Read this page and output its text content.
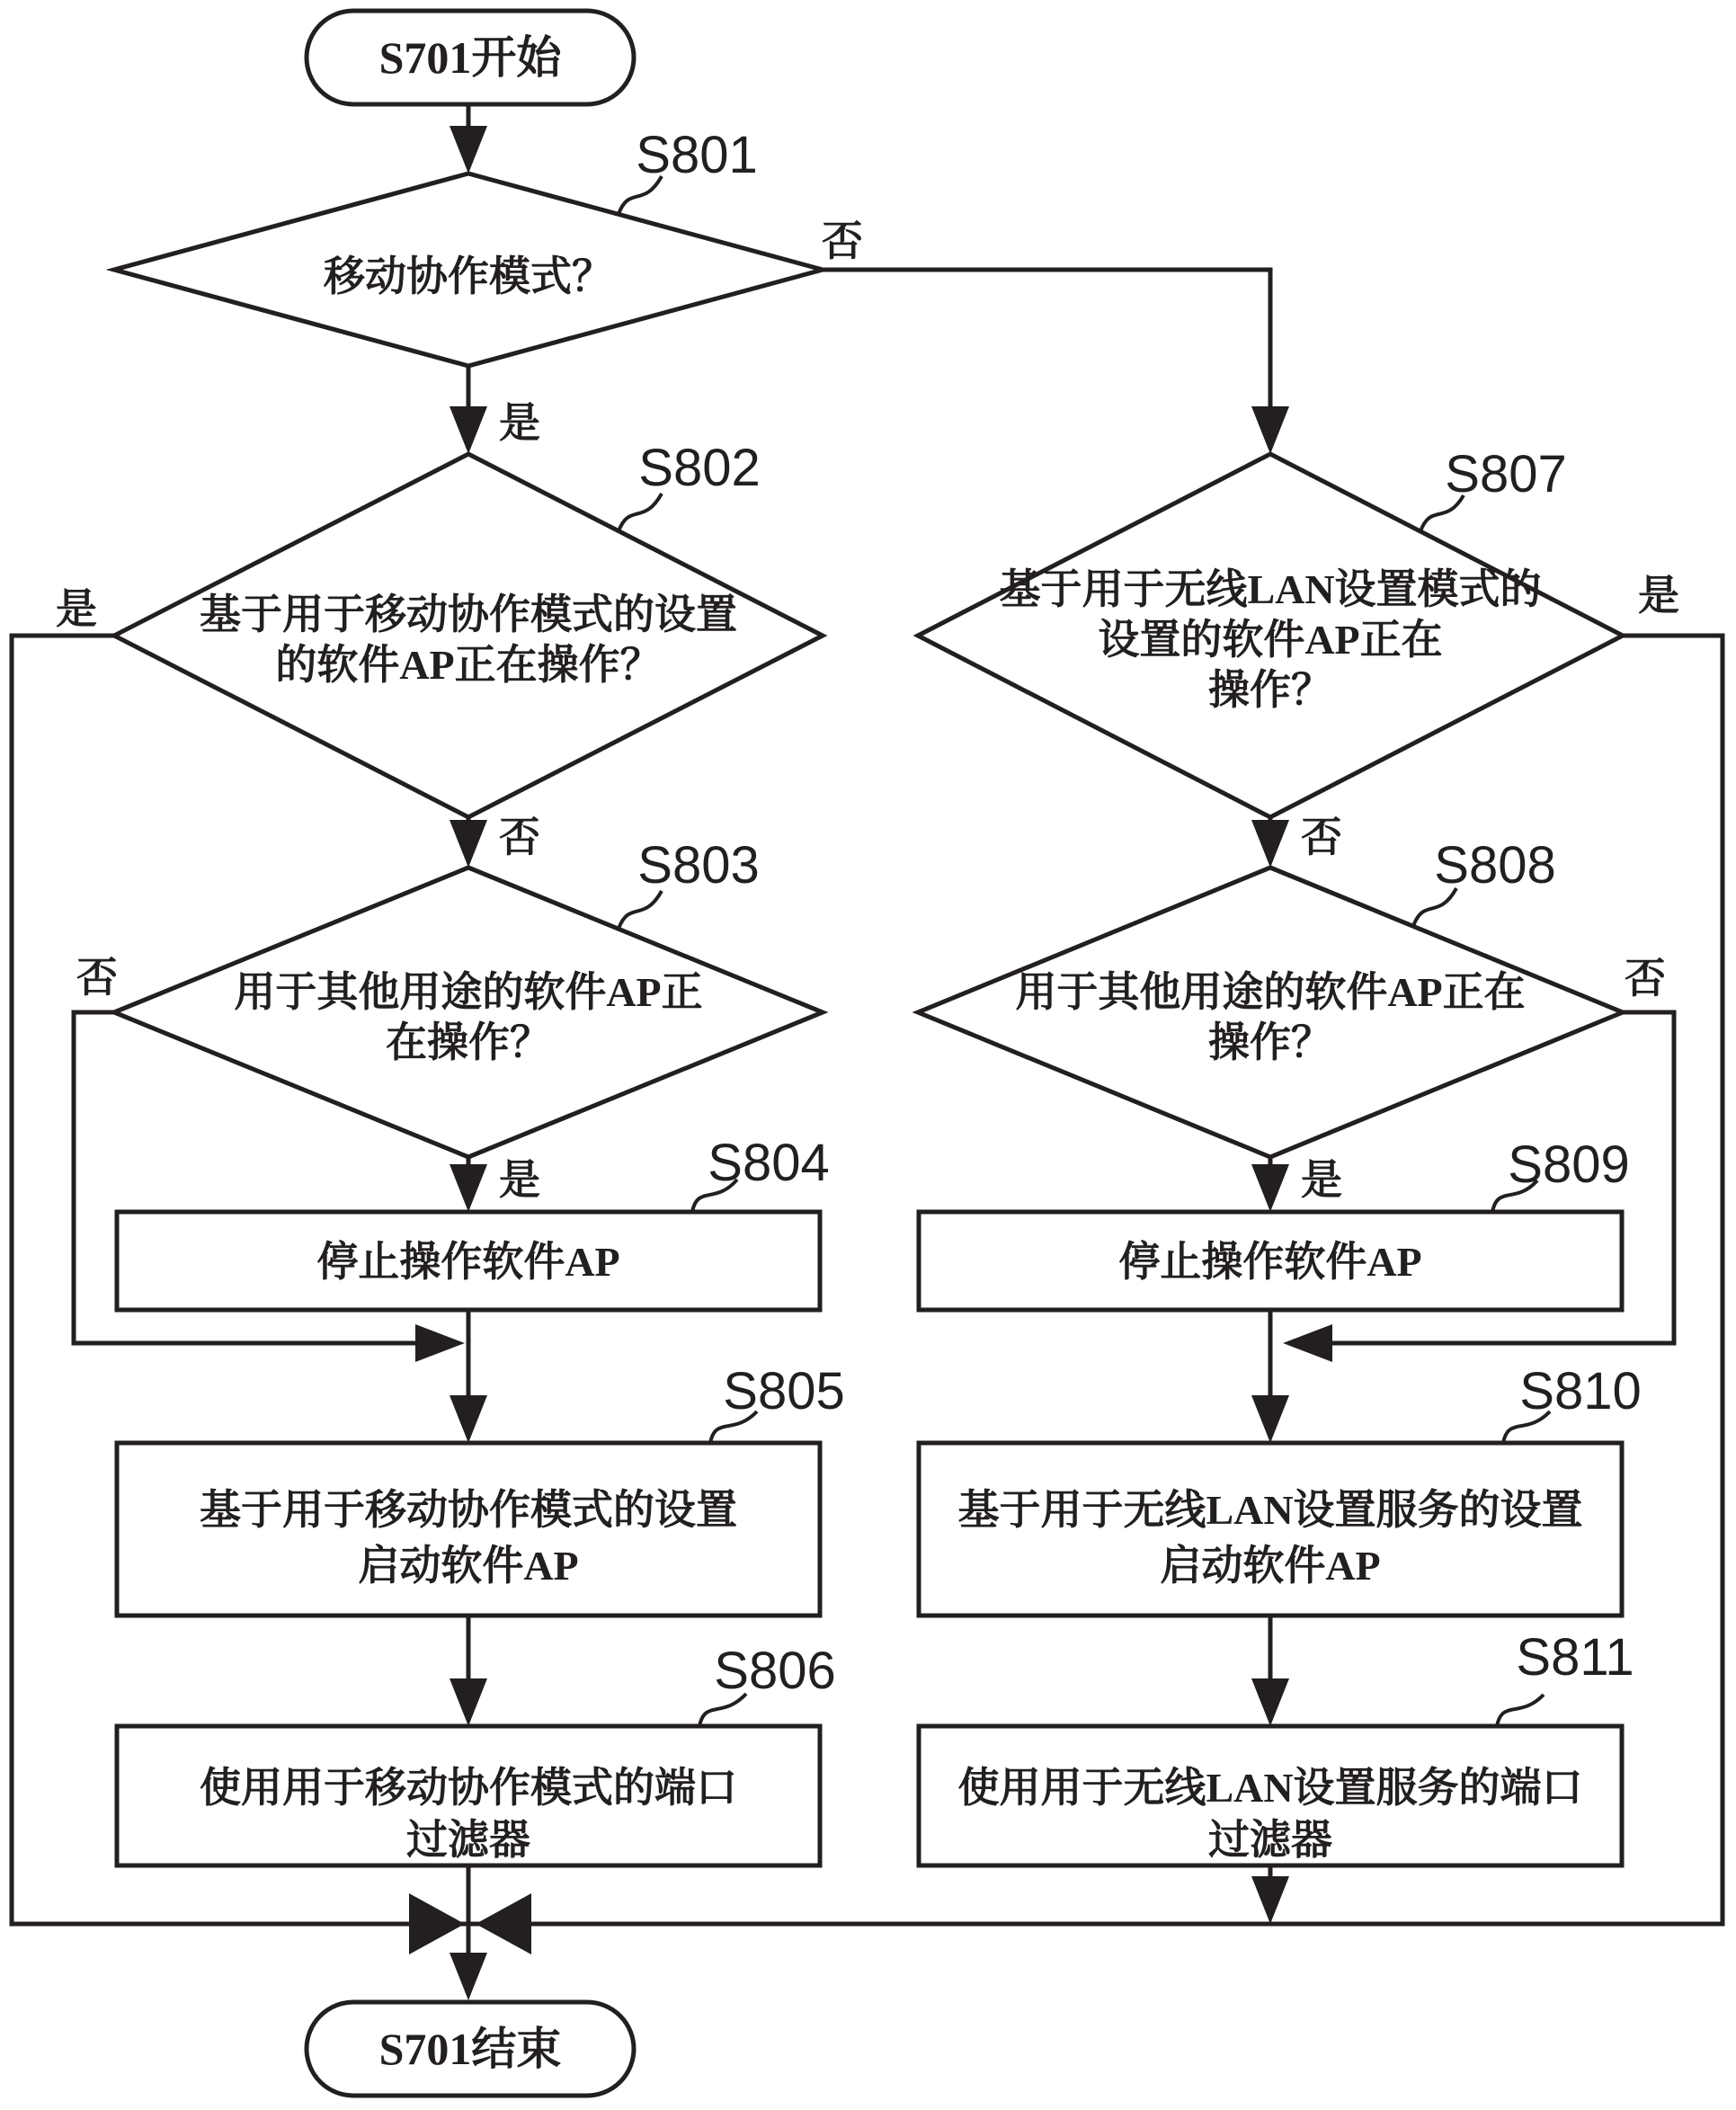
S801
S802
S803
S804
S805
S806
S807
S808
S809
S810
S811
否
是
是
否
否
是
是
否
否
是
S701开始
移动协作模式？
基于用于移动协作模式的设置
的软件AP正在操作？
用于其他用途的软件AP正
在操作？
停止操作软件AP
基于用于移动协作模式的设置
启动软件AP
使用用于移动协作模式的端口
过滤器
基于用于无线LAN设置模式的
设置的软件AP正在
操作？
用于其他用途的软件AP正在
操作？
停止操作软件AP
基于用于无线LAN设置服务的设置
启动软件AP
使用用于无线LAN设置服务的端口
过滤器
S701结束
